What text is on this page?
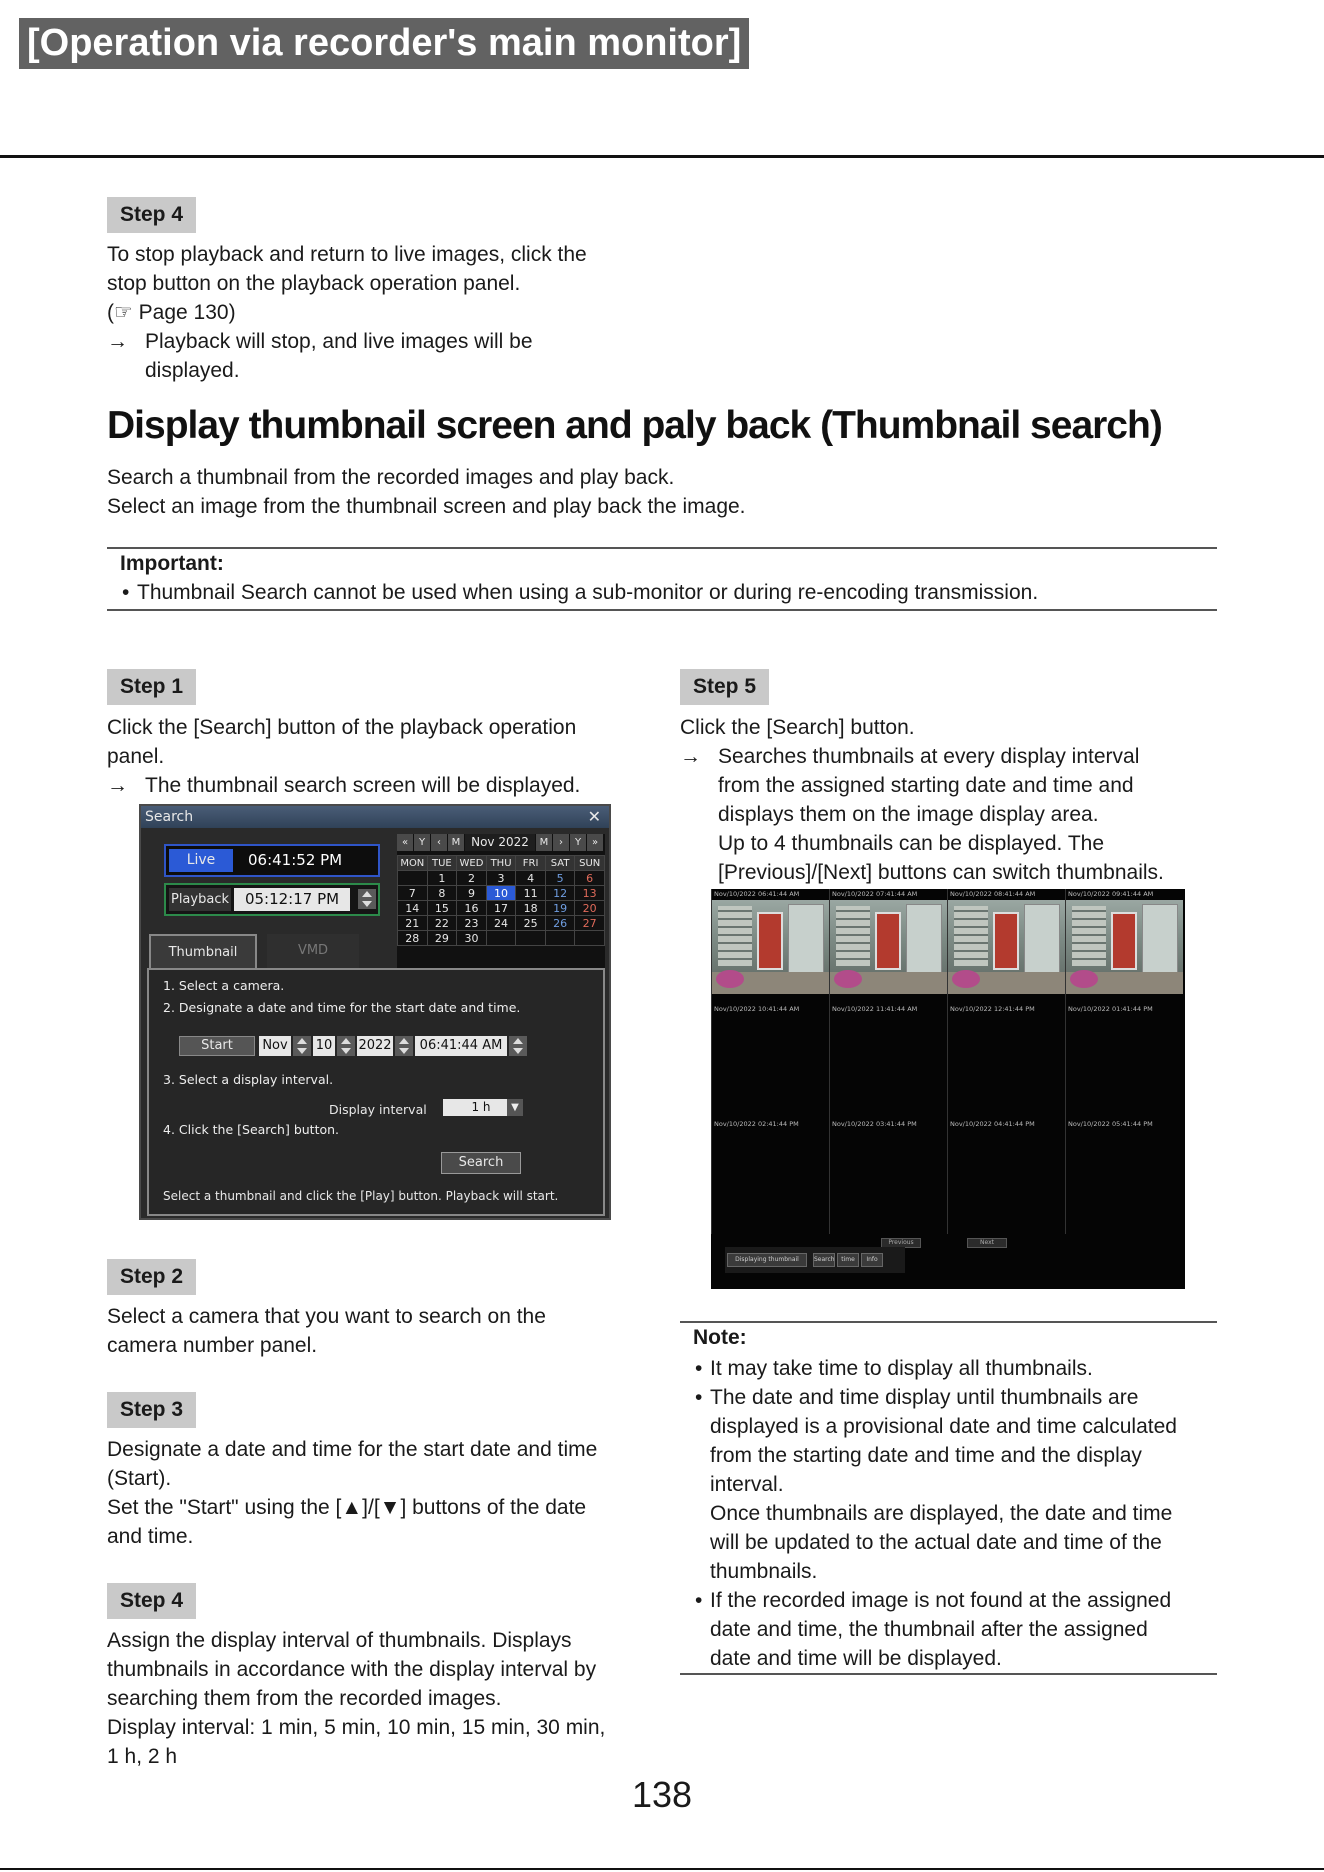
[Operation via recorder's main monitor]
Step 4

To stop playback and return to live images, click the

stop button on the playback operation panel.

(☞ Page 130)

→ Playback will stop, and live images will be
displayed.
Display thumbnail screen and paly back (Thumbnail search)

Search a thumbnail from the recorded images and play back.

Select an image from the thumbnail screen and play back the image.

Important:
• Thumbnail Search cannot be used when using a sub-monitor or during re-encoding transmission.
Step 1

Click the [Search] button of the playback operation

panel.

→ The thumbnail search screen will be displayed.
Search	✕
Live	06:41:52 PM
Playback	05:12:17 PM
«	Y	‹	M Nov 2022	M	›	Y	»
MON	TUE	WED	THU	FRI	SAT	SUN
	1	2	3	4	5	6
7	8	9	10	11	12	13
14	15	16	17	18	19	20
21	22	23	24	25	26	27
28	29	30				
Thumbnail	VMD
1. Select a camera.
2. Designate a date and time for the start date and time.
Start	Nov 10 2022	06:41:44 AM
3. Select a display interval.
Display interval	1 h	▼
4. Click the [Search] button.
Search
Select a thumbnail and click the [Play] button. Playback will start.
Step 2

Select a camera that you want to search on the

camera number panel.

Step 3

Designate a date and time for the start date and time

(Start).

Set the "Start" using the [▲]/[▼] buttons of the date

and time.

Step 4

Assign the display interval of thumbnails. Displays

thumbnails in accordance with the display interval by

searching them from the recorded images.

Display interval: 1 min, 5 min, 10 min, 15 min, 30 min,

1 h, 2 h

Step 5

Click the [Search] button.

→ Searches thumbnails at every display interval
from the assigned starting date and time and
displays them on the image display area.
Up to 4 thumbnails can be displayed. The
[Previous]/[Next] buttons can switch thumbnails.
Nov/10/2022 06:41:44 AM	Nov/10/2022 07:41:44 AM	Nov/10/2022 08:41:44 AM	Nov/10/2022 09:41:44 AM
Nov/10/2022 10:41:44 AM	Nov/10/2022 11:41:44 AM	Nov/10/2022 12:41:44 PM	Nov/10/2022 01:41:44 PM
Nov/10/2022 02:41:44 PM	Nov/10/2022 03:41:44 PM	Nov/10/2022 04:41:44 PM	Nov/10/2022 05:41:44 PM
Previous	Next
Displaying thumbnail	Search	time	Info
Note:
• It may take time to display all thumbnails.
• The date and time display until thumbnails are
displayed is a provisional date and time calculated
from the starting date and time and the display
interval.
Once thumbnails are displayed, the date and time
will be updated to the actual date and time of the
thumbnails.
• If the recorded image is not found at the assigned
date and time, the thumbnail after the assigned
date and time will be displayed.
138
